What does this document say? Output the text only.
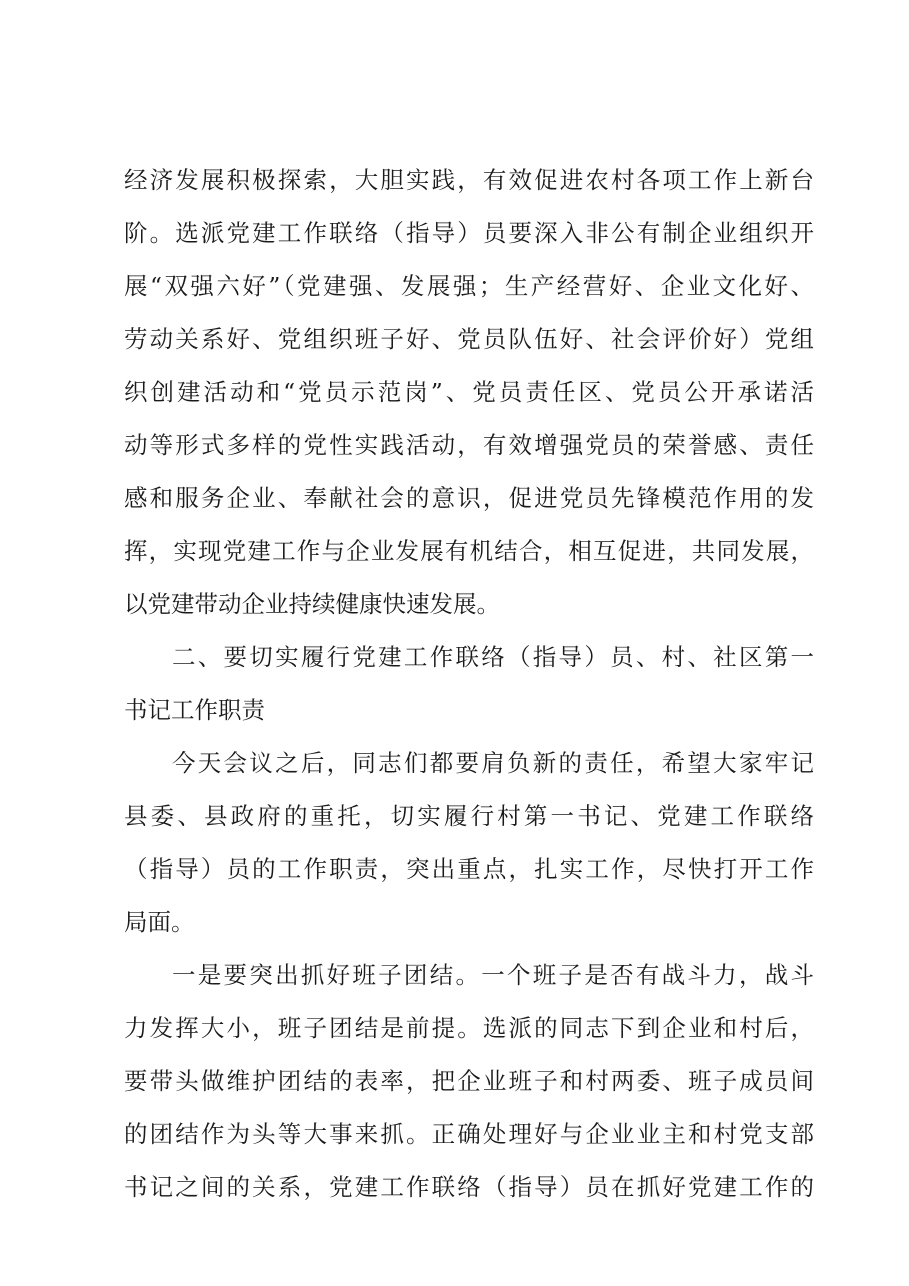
经济发展积极探索，大胆实践，有效促进农村各项工作上新台
阶。选派党建工作联络（指导）员要深入非公有制企业组织开
展“双强六好”（党建强、发展强；生产经营好、企业文化好、
劳动关系好、党组织班子好、党员队伍好、社会评价好）党组
织创建活动和“党员示范岗”、党员责任区、党员公开承诺活
动等形式多样的党性实践活动，有效增强党员的荣誉感、责任
感和服务企业、奉献社会的意识，促进党员先锋模范作用的发
挥，实现党建工作与企业发展有机结合，相互促进，共同发展，
以党建带动企业持续健康快速发展。
二、要切实履行党建工作联络（指导）员、村、社区第一
书记工作职责
今天会议之后，同志们都要肩负新的责任，希望大家牢记
县委、县政府的重托，切实履行村第一书记、党建工作联络
（指导）员的工作职责，突出重点，扎实工作，尽快打开工作
局面。
一是要突出抓好班子团结。一个班子是否有战斗力，战斗
力发挥大小，班子团结是前提。选派的同志下到企业和村后，
要带头做维护团结的表率，把企业班子和村两委、班子成员间
的团结作为头等大事来抓。正确处理好与企业业主和村党支部
书记之间的关系，党建工作联络（指导）员在抓好党建工作的
